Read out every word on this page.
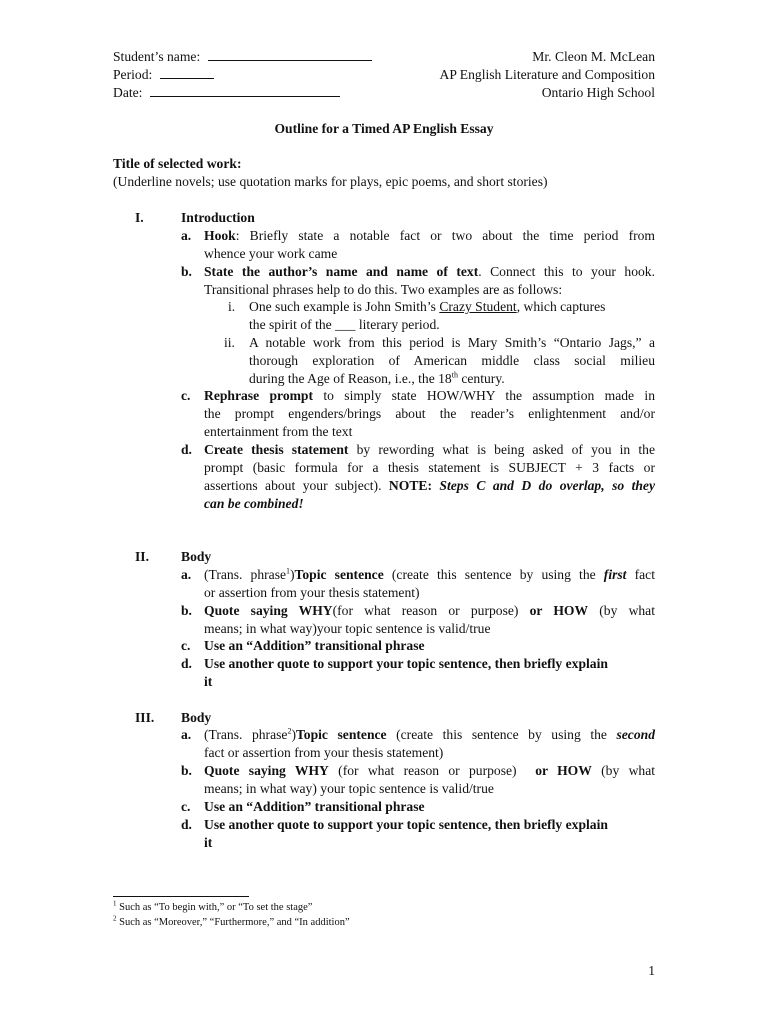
Student’s name:
Period:
Date:
Mr. Cleon M. McLean
AP English Literature and Composition
Ontario High School
Outline for a Timed AP English Essay
Title of selected work:
(Underline novels; use quotation marks for plays, epic poems, and short stories)
I.	Introduction
a. Hook: Briefly state a notable fact or two about the time period from
whence your work came
b. State the author’s name and name of text. Connect this to your hook.
Transitional phrases help to do this. Two examples are as follows:
i. One such example is John Smith’s Crazy Student, which captures
the spirit of the ___ literary period.
ii. A notable work from this period is Mary Smith’s “Ontario Jags,” a
thorough exploration of American middle class social milieu
during the Age of Reason, i.e., the 18th century.
c. Rephrase prompt to simply state HOW/WHY the assumption made in
the prompt engenders/brings about the reader’s enlightenment and/or
entertainment from the text
d. Create thesis statement by rewording what is being asked of you in the
prompt (basic formula for a thesis statement is SUBJECT + 3 facts or
assertions about your subject). NOTE: Steps C and D do overlap, so they
can be combined!
II. Body
a. (Trans. phrase$^1$)Topic sentence (create this sentence by using the first fact
or assertion from your thesis statement)
b. Quote saying WHY(for what reason or purpose) or HOW (by what
means; in what way)your topic sentence is valid/true
c. Use an “Addition” transitional phrase
d. Use another quote to support your topic sentence, then briefly explain
it
III. Body
a. (Trans. phrase$^2$)Topic sentence (create this sentence by using the second
fact or assertion from your thesis statement)
b. Quote saying WHY (for what reason or purpose)  or HOW (by what
means; in what way) your topic sentence is valid/true
c. Use an “Addition” transitional phrase
d. Use another quote to support your topic sentence, then briefly explain
it
$^1$ Such as “To begin with,” or “To set the stage”
$^2$ Such as “Moreover,” “Furthermore,” and “In addition”
1
